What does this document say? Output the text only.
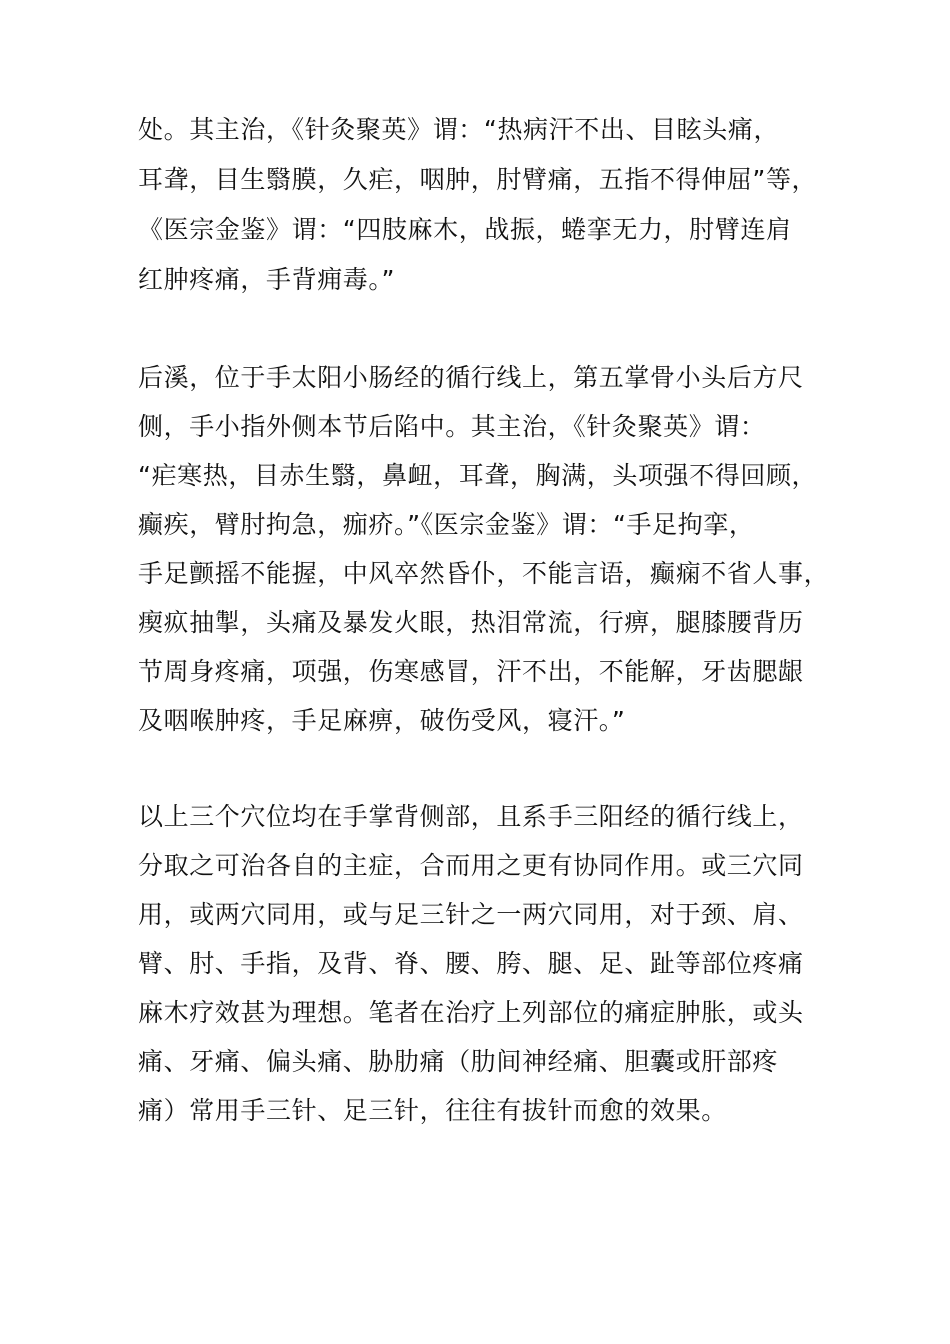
处。其主治，《针灸聚英》谓：“热病汗不出、目眩头痛，

耳聋，目生翳膜，久疟，咽肿，肘臂痛，五指不得伸屈”等，

《医宗金鉴》谓：“四肢麻木，战振，蜷挛无力，肘臂连肩

红肿疼痛，手背痈毒。”

后溪，位于手太阳小肠经的循行线上，第五掌骨小头后方尺

侧，手小指外侧本节后陷中。其主治，《针灸聚英》谓：

“疟寒热，目赤生翳，鼻衄，耳聋，胸满，头项强不得回顾，

癫疾，臂肘拘急，痂疥。”《医宗金鉴》谓：“手足拘挛，

手足颤摇不能握，中风卒然昏仆，不能言语，癫痫不省人事，

瘈疭抽掣，头痛及暴发火眼，热泪常流，行痹，腿膝腰背历

节周身疼痛，项强，伤寒感冒，汗不出，不能解，牙齿腮龈

及咽喉肿疼，手足麻痹，破伤受风，寝汗。”

以上三个穴位均在手掌背侧部，且系手三阳经的循行线上，

分取之可治各自的主症，合而用之更有协同作用。或三穴同

用，或两穴同用，或与足三针之一两穴同用，对于颈、肩、

臂、肘、手指，及背、脊、腰、胯、腿、足、趾等部位疼痛

麻木疗效甚为理想。笔者在治疗上列部位的痛症肿胀，或头

痛、牙痛、偏头痛、胁肋痛（肋间神经痛、胆囊或肝部疼

痛）常用手三针、足三针，往往有拔针而愈的效果。
